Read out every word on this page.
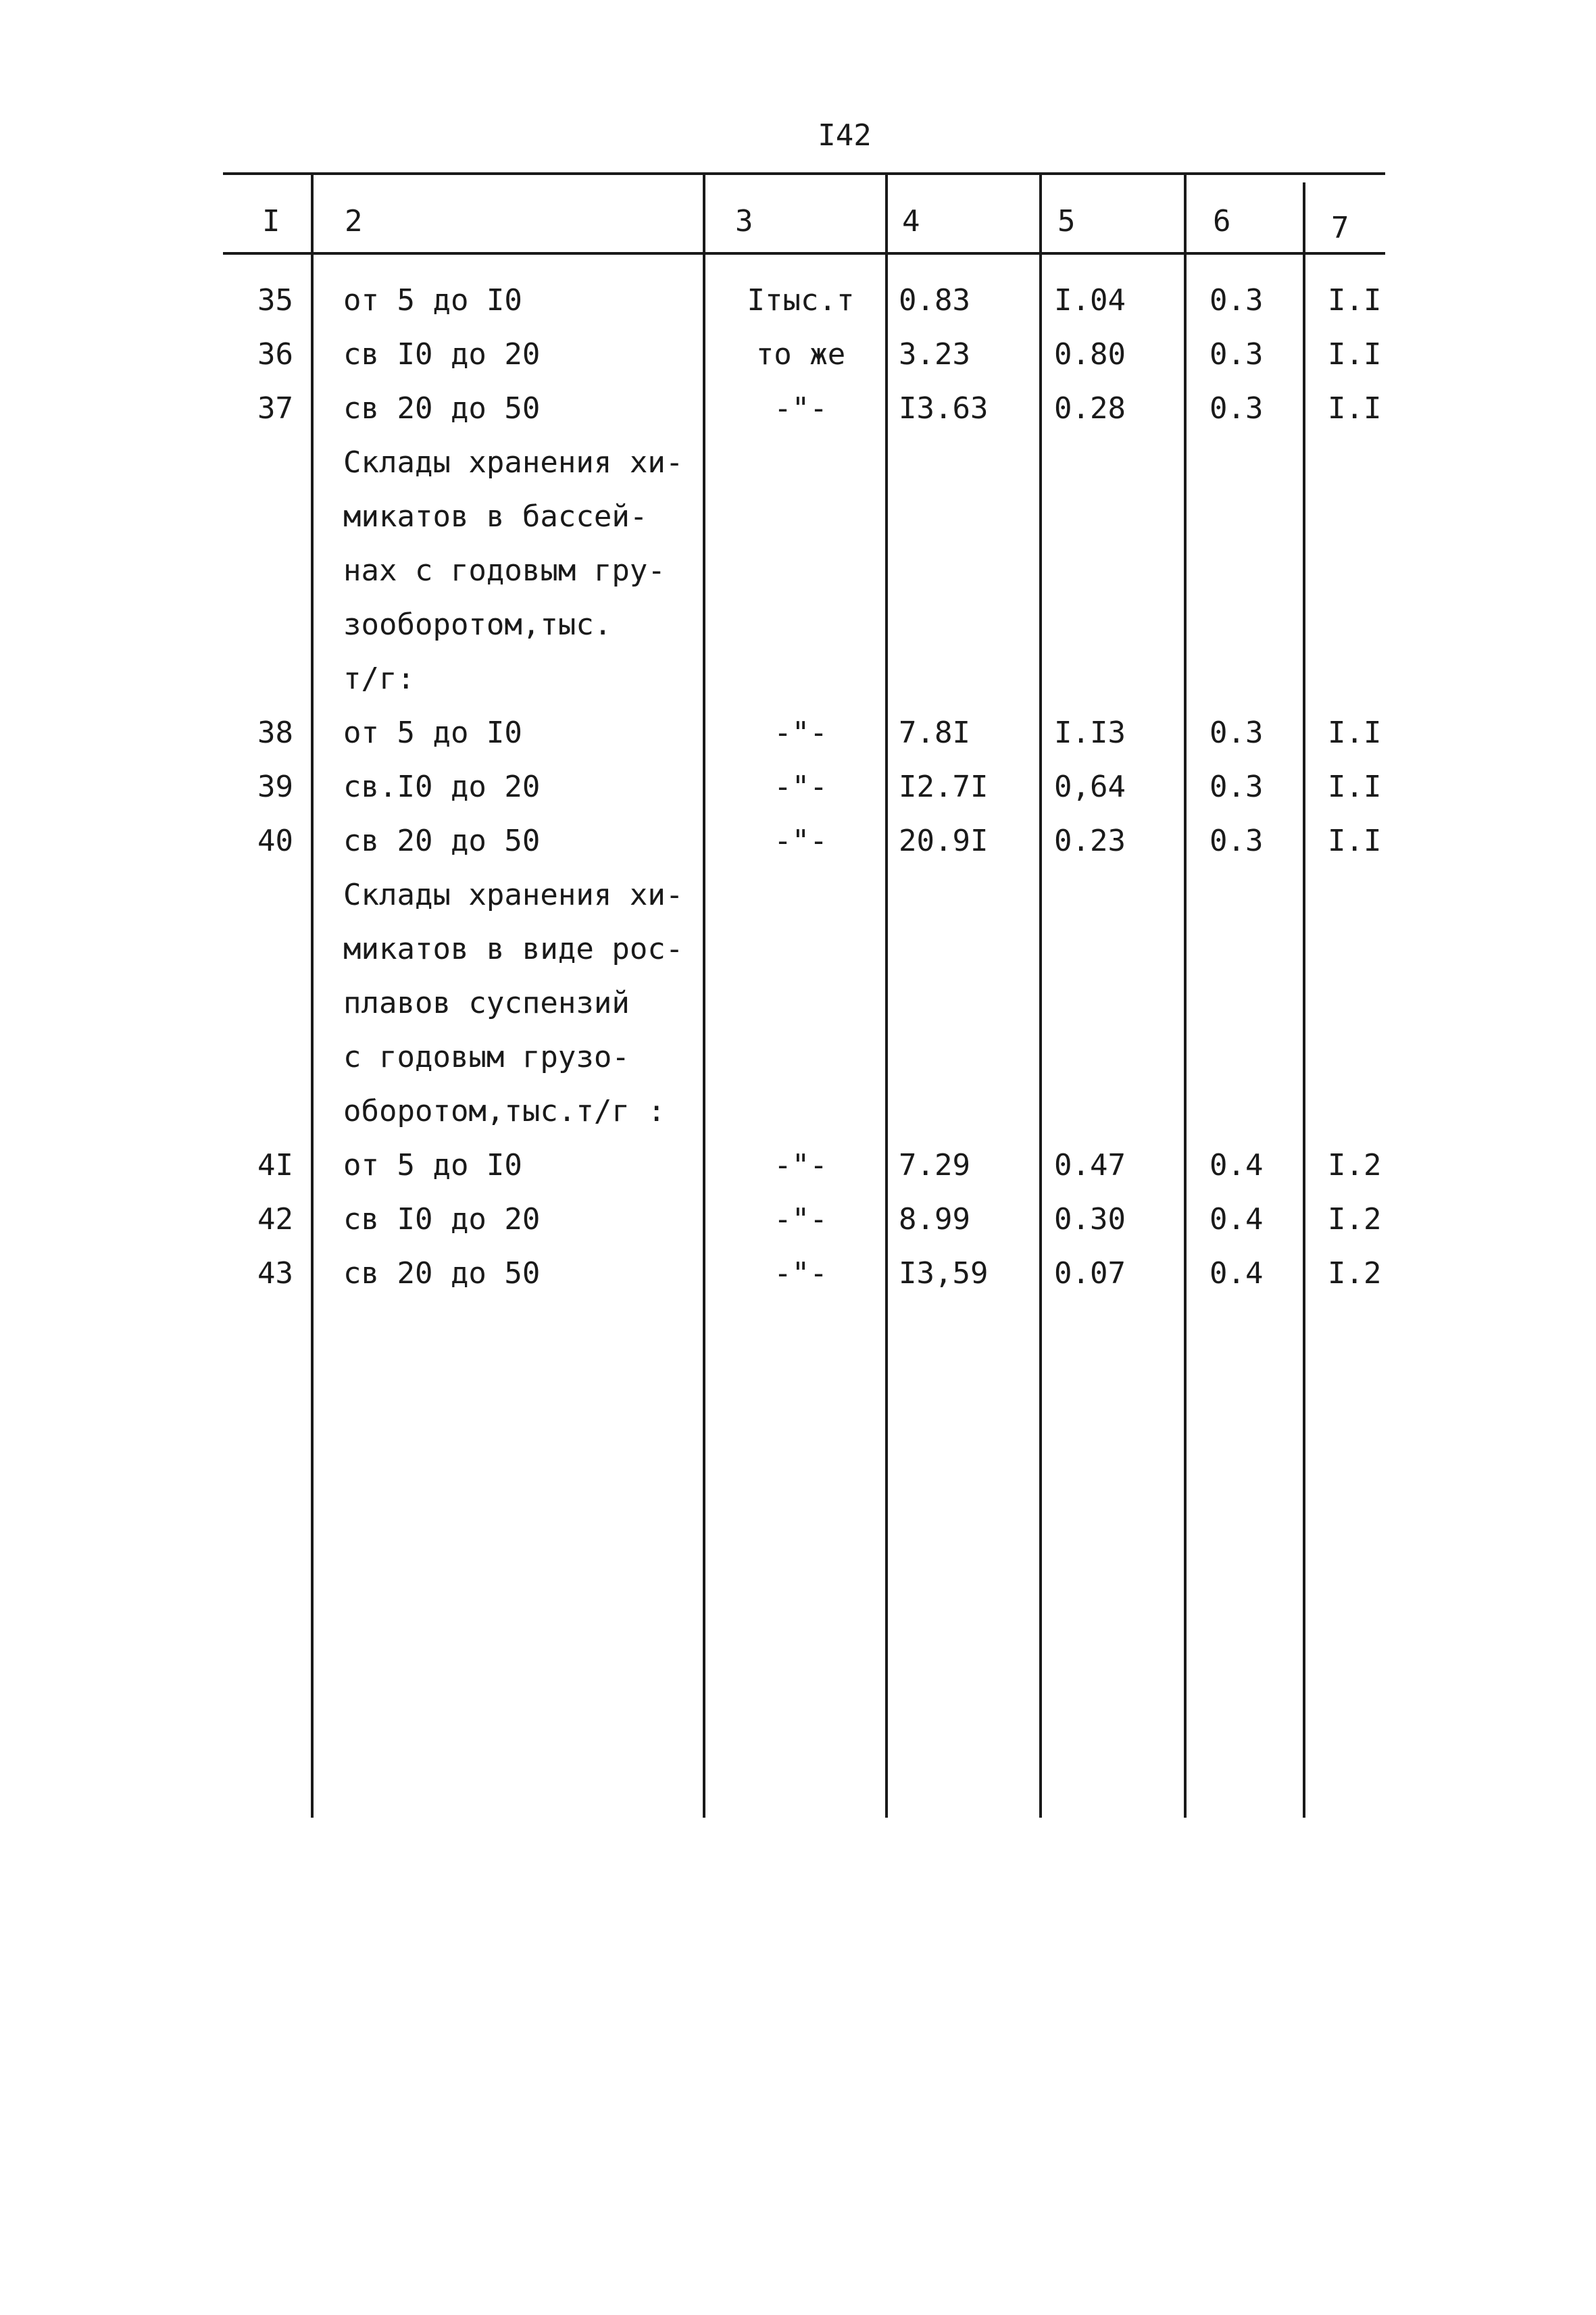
I42
I 2	3	4	5	6	7
35	от 5 до I0	Iтыс.т	0.83	I.04	0.3 I.I
36	св I0 до 20	то же	3.23	0.80	0.3 I.I
37	св 20 до 50	-"-	I3.63 0.28	0.3 I.I
Склады хранения хи-
микатов в бассей-
нах с годовым гру-
зооборотом,тыс.
т/г:
38	от 5 до I0	-"-	7.8I	I.I3	0.3 I.I
39	св.I0 до 20	-"-	I2.7I 0,64	0.3 I.I
40	св 20 до 50	-"-	20.9I 0.23	0.3 I.I
Склады хранения хи-
микатов в виде рос-
плавов суспензий
с годовым грузо-
оборотом,тыс.т/г :
4I	от 5 до I0	-"-	7.29	0.47	0.4 I.2
42	св I0 до 20	-"-	8.99	0.30	0.4 I.2
43	св 20 до 50	-"-	I3,59 0.07	0.4 I.2
